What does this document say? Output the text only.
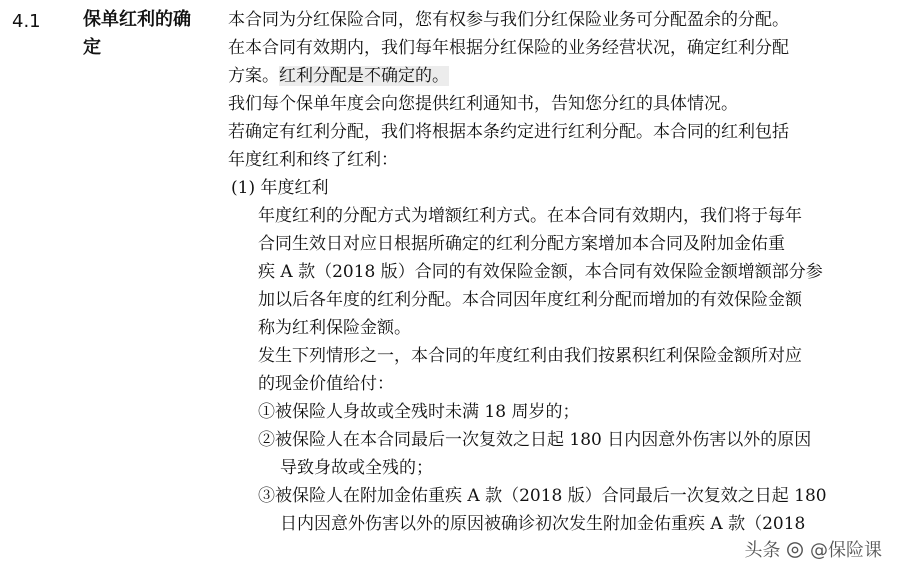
4.1 保单红利的确定

本合同为分红保险合同，您有权参与我们分红保险业务可分配盈余的分配。

在本合同有效期内，我们每年根据分红保险的业务经营状况，确定红利分配

方案。红利分配是不确定的。

我们每个保单年度会向您提供红利通知书，告知您分红的具体情况。

若确定有红利分配，我们将根据本条约定进行红利分配。本合同的红利包括

年度红利和终了红利：

(1) 年度红利

年度红利的分配方式为增额红利方式。在本合同有效期内，我们将于每年

合同生效日对应日根据所确定的红利分配方案增加本合同及附加金佑重

疾 A 款（2018 版）合同的有效保险金额，本合同有效保险金额增额部分参

加以后各年度的红利分配。本合同因年度红利分配而增加的有效保险金额

称为红利保险金额。

发生下列情形之一，本合同的年度红利由我们按累积红利保险金额所对应

的现金价值给付：

①被保险人身故或全残时未满 18 周岁的；

②被保险人在本合同最后一次复效之日起 180 日内因意外伤害以外的原因

导致身故或全残的；

③被保险人在附加金佑重疾 A 款（2018 版）合同最后一次复效之日起 180

日内因意外伤害以外的原因被确诊初次发生附加金佑重疾 A 款（2018

头条 @保险课
